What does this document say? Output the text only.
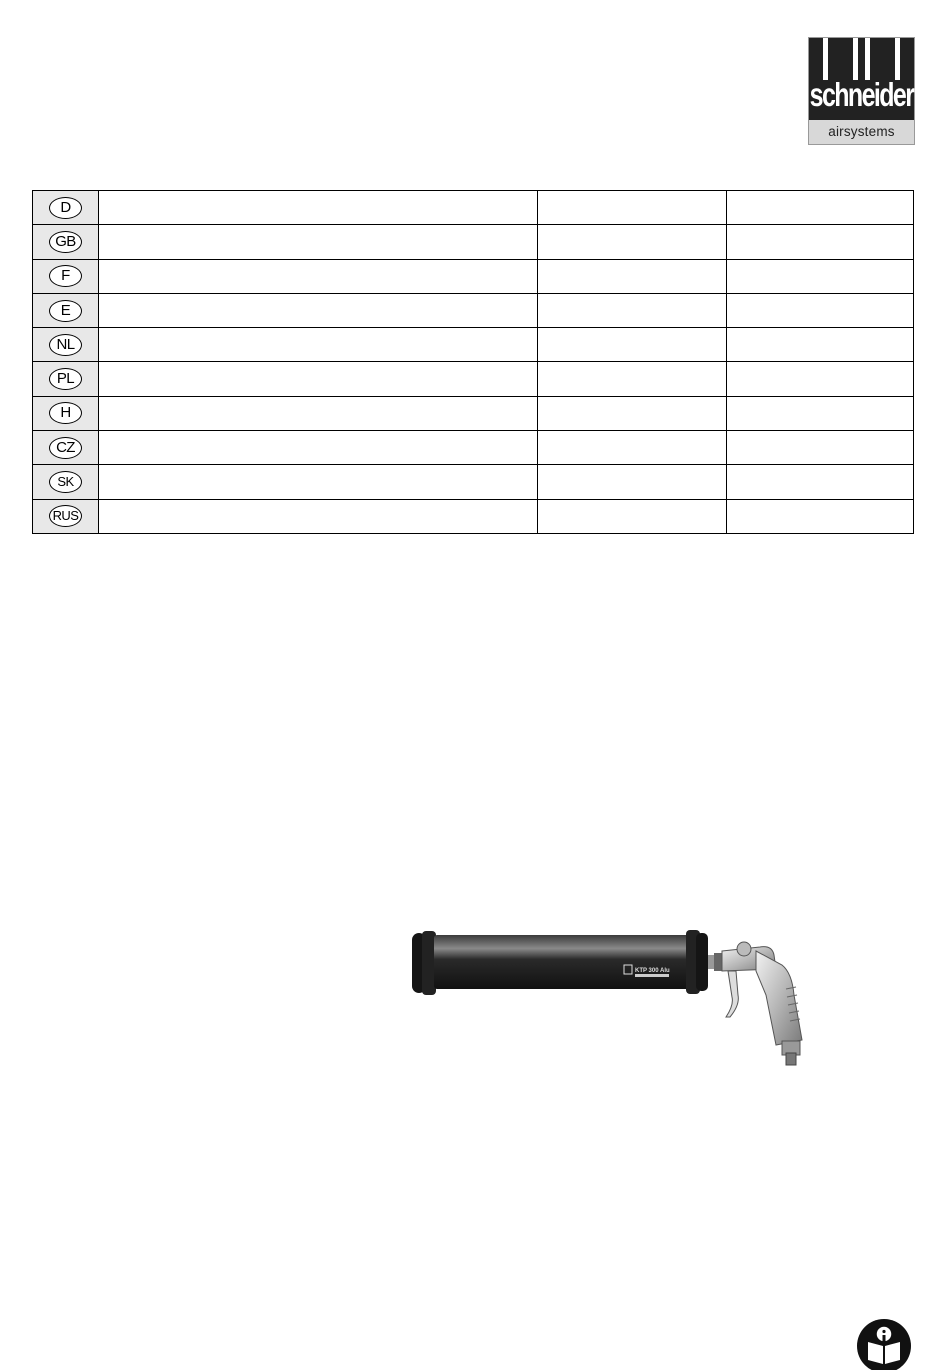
schneider
airsystems
D			
GB			
F			
E			
NL			
PL			
H			
CZ			
SK			
RUS			
KTP 300 Alu
